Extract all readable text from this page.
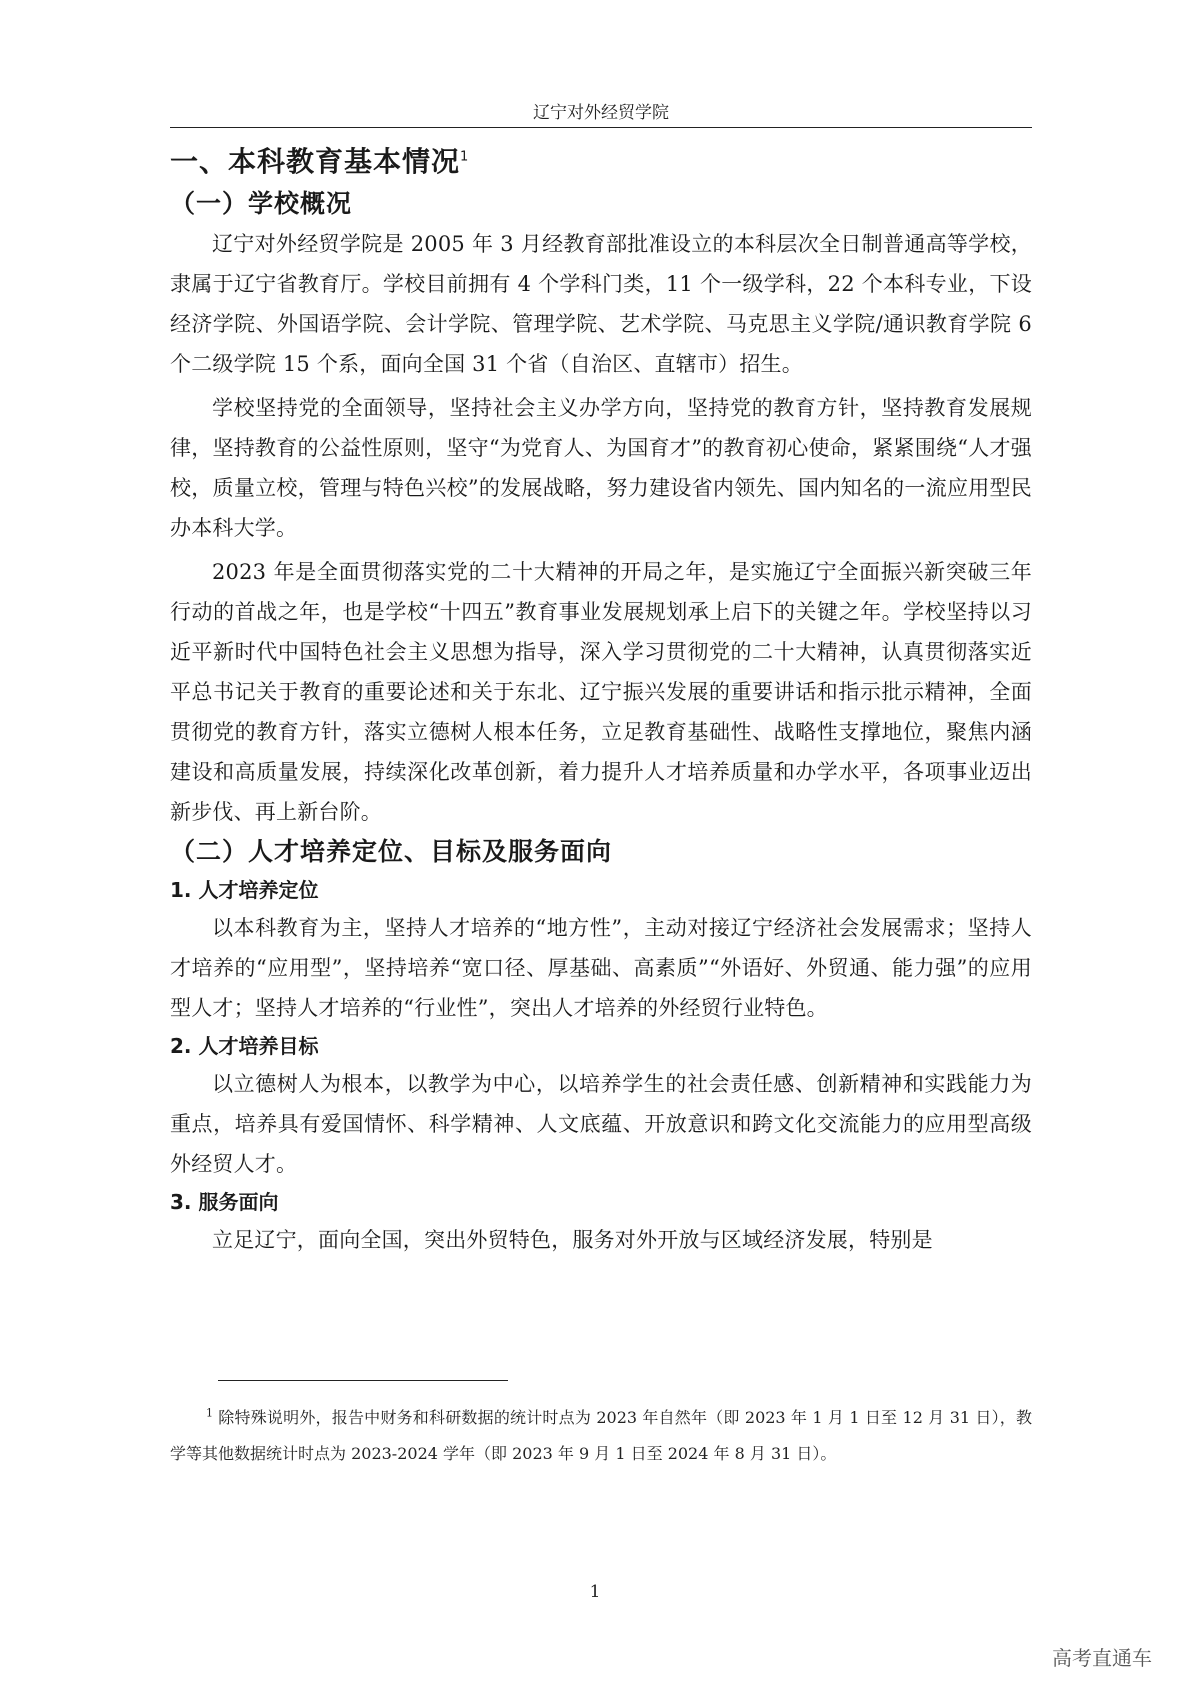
辽宁对外经贸学院
一、本科教育基本情况$^1$
（一）学校概况

辽宁对外经贸学院是 2005 年 3 月经教育部批准设立的本科层次全日制普通高等学校，隶属于辽宁省教育厅。学校目前拥有 4 个学科门类，11 个一级学科，22 个本科专业，下设经济学院、外国语学院、会计学院、管理学院、艺术学院、马克思主义学院/通识教育学院 6 个二级学院 15 个系，面向全国 31 个省（自治区、直辖市）招生。

学校坚持党的全面领导，坚持社会主义办学方向，坚持党的教育方针，坚持教育发展规律，坚持教育的公益性原则，坚守“为党育人、为国育才”的教育初心使命，紧紧围绕“人才强校，质量立校，管理与特色兴校”的发展战略，努力建设省内领先、国内知名的一流应用型民办本科大学。

2023 年是全面贯彻落实党的二十大精神的开局之年，是实施辽宁全面振兴新突破三年行动的首战之年，也是学校“十四五”教育事业发展规划承上启下的关键之年。学校坚持以习近平新时代中国特色社会主义思想为指导，深入学习贯彻党的二十大精神，认真贯彻落实近平总书记关于教育的重要论述和关于东北、辽宁振兴发展的重要讲话和指示批示精神，全面贯彻党的教育方针，落实立德树人根本任务，立足教育基础性、战略性支撑地位，聚焦内涵建设和高质量发展，持续深化改革创新，着力提升人才培养质量和办学水平，各项事业迈出新步伐、再上新台阶。

（二）人才培养定位、目标及服务面向
1. 人才培养定位

以本科教育为主，坚持人才培养的“地方性”，主动对接辽宁经济社会发展需求；坚持人才培养的“应用型”，坚持培养“宽口径、厚基础、高素质”“外语好、外贸通、能力强”的应用型人才；坚持人才培养的“行业性”，突出人才培养的外经贸行业特色。

2. 人才培养目标

以立德树人为根本，以教学为中心，以培养学生的社会责任感、创新精神和实践能力为重点，培养具有爱国情怀、科学精神、人文底蕴、开放意识和跨文化交流能力的应用型高级外经贸人才。

3. 服务面向

立足辽宁，面向全国，突出外贸特色，服务对外开放与区域经济发展，特别是

$^1$ 除特殊说明外，报告中财务和科研数据的统计时点为 2023 年自然年（即 2023 年 1 月 1 日至 12 月 31 日），教学等其他数据统计时点为 2023-2024 学年（即 2023 年 9 月 1 日至 2024 年 8 月 31 日）。
1
高考直通车
